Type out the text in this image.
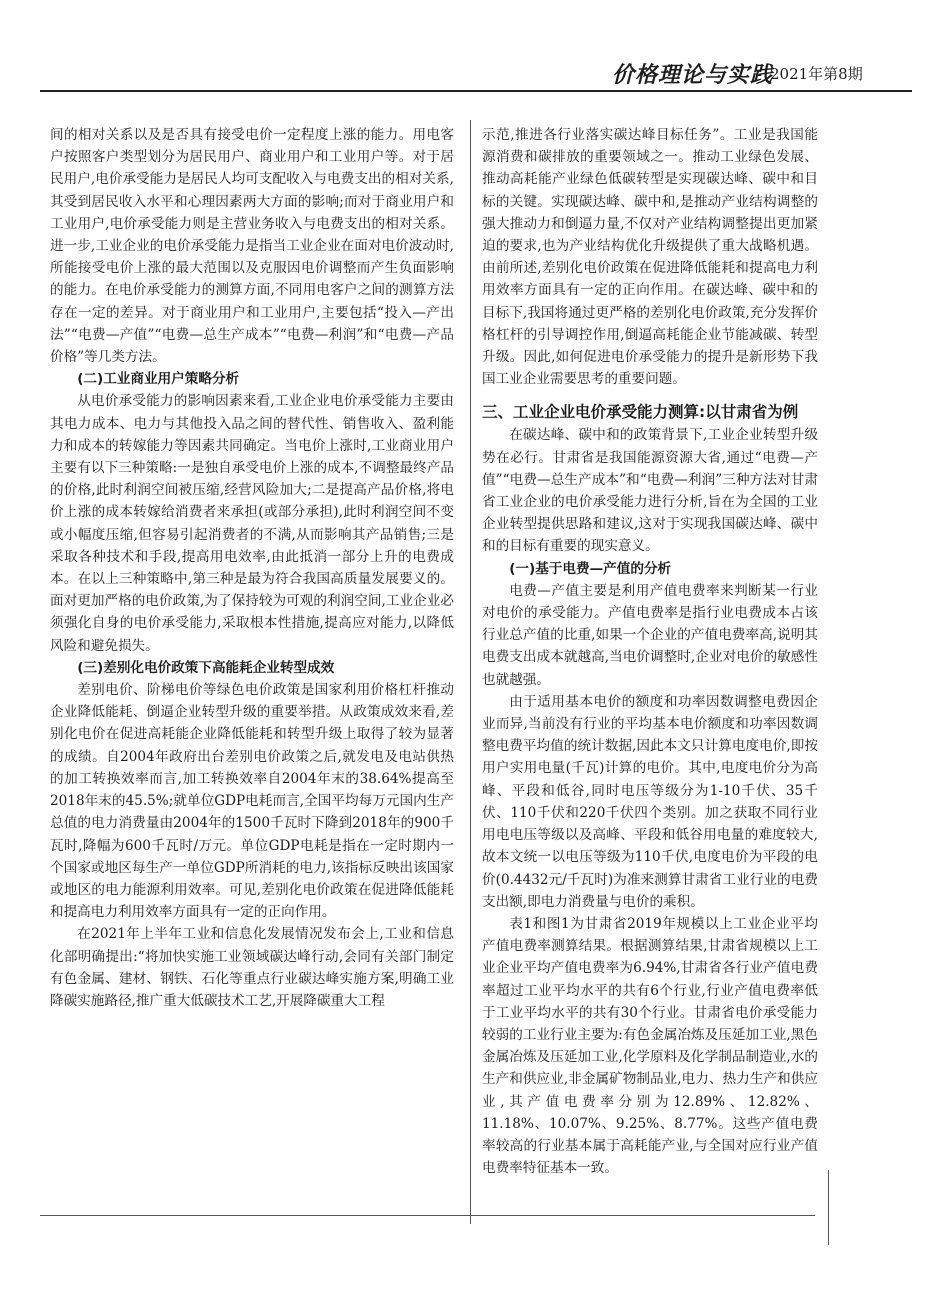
价格理论与实践
2021年第8期

间的相对关系以及是否具有接受电价一定程度上涨的能力。用电客户按照客户类型划分为居民用户、商业用户和工业用户等。对于居民用户,电价承受能力是居民人均可支配收入与电费支出的相对关系,其受到居民收入水平和心理因素两大方面的影响;而对于商业用户和工业用户,电价承受能力则是主营业务收入与电费支出的相对关系。进一步,工业企业的电价承受能力是指当工业企业在面对电价波动时,所能接受电价上涨的最大范围以及克服因电价调整而产生负面影响的能力。在电价承受能力的测算方面,不同用电客户之间的测算方法存在一定的差异。对于商业用户和工业用户,主要包括“投入—产出法”“电费—产值”“电费—总生产成本”“电费—利润”和“电费—产品价格”等几类方法。

(二)工业商业用户策略分析

从电价承受能力的影响因素来看,工业企业电价承受能力主要由其电力成本、电力与其他投入品之间的替代性、销售收入、盈利能力和成本的转嫁能力等因素共同确定。当电价上涨时,工业商业用户主要有以下三种策略:一是独自承受电价上涨的成本,不调整最终产品的价格,此时利润空间被压缩,经营风险加大;二是提高产品价格,将电价上涨的成本转嫁给消费者来承担(或部分承担),此时利润空间不变或小幅度压缩,但容易引起消费者的不满,从而影响其产品销售;三是采取各种技术和手段,提高用电效率,由此抵消一部分上升的电费成本。在以上三种策略中,第三种是最为符合我国高质量发展要义的。面对更加严格的电价政策,为了保持较为可观的利润空间,工业企业必须强化自身的电价承受能力,采取根本性措施,提高应对能力,以降低风险和避免损失。

(三)差别化电价政策下高能耗企业转型成效

差别电价、阶梯电价等绿色电价政策是国家利用价格杠杆推动企业降低能耗、倒逼企业转型升级的重要举措。从政策成效来看,差别化电价在促进高耗能企业降低能耗和转型升级上取得了较为显著的成绩。自2004年政府出台差别电价政策之后,就发电及电站供热的加工转换效率而言,加工转换效率自2004年末的38.64%提高至2018年末的45.5%;就单位GDP电耗而言,全国平均每万元国内生产总值的电力消费量由2004年的1500千瓦时下降到2018年的900千瓦时,降幅为600千瓦时/万元。单位GDP电耗是指在一定时期内一个国家或地区每生产一单位GDP所消耗的电力,该指标反映出该国家或地区的电力能源利用效率。可见,差别化电价政策在促进降低能耗和提高电力利用效率方面具有一定的正向作用。

在2021年上半年工业和信息化发展情况发布会上,工业和信息化部明确提出:“将加快实施工业领域碳达峰行动,会同有关部门制定有色金属、建材、钢铁、石化等重点行业碳达峰实施方案,明确工业降碳实施路径,推广重大低碳技术工艺,开展降碳重大工程

示范,推进各行业落实碳达峰目标任务”。工业是我国能源消费和碳排放的重要领域之一。推动工业绿色发展、推动高耗能产业绿色低碳转型是实现碳达峰、碳中和目标的关键。实现碳达峰、碳中和,是推动产业结构调整的强大推动力和倒逼力量,不仅对产业结构调整提出更加紧迫的要求,也为产业结构优化升级提供了重大战略机遇。由前所述,差别化电价政策在促进降低能耗和提高电力利用效率方面具有一定的正向作用。在碳达峰、碳中和的目标下,我国将通过更严格的差别化电价政策,充分发挥价格杠杆的引导调控作用,倒逼高耗能企业节能减碳、转型升级。因此,如何促进电价承受能力的提升是新形势下我国工业企业需要思考的重要问题。

三、工业企业电价承受能力测算:以甘肃省为例

在碳达峰、碳中和的政策背景下,工业企业转型升级势在必行。甘肃省是我国能源资源大省,通过“电费—产值”“电费—总生产成本”和“电费—利润”三种方法对甘肃省工业企业的电价承受能力进行分析,旨在为全国的工业企业转型提供思路和建议,这对于实现我国碳达峰、碳中和的目标有重要的现实意义。

(一)基于电费—产值的分析

电费—产值主要是利用产值电费率来判断某一行业对电价的承受能力。产值电费率是指行业电费成本占该行业总产值的比重,如果一个企业的产值电费率高,说明其电费支出成本就越高,当电价调整时,企业对电价的敏感性也就越强。

由于适用基本电价的额度和功率因数调整电费因企业而异,当前没有行业的平均基本电价额度和功率因数调整电费平均值的统计数据,因此本文只计算电度电价,即按用户实用电量(千瓦)计算的电价。其中,电度电价分为高峰、平段和低谷,同时电压等级分为1-10千伏、35千伏、110千伏和220千伏四个类别。加之获取不同行业用电电压等级以及高峰、平段和低谷用电量的难度较大,故本文统一以电压等级为110千伏,电度电价为平段的电价(0.4432元/千瓦时)为准来测算甘肃省工业行业的电费支出额,即电力消费量与电价的乘积。

表1和图1为甘肃省2019年规模以上工业企业平均产值电费率测算结果。根据测算结果,甘肃省规模以上工业企业平均产值电费率为6.94%,甘肃省各行业产值电费率超过工业平均水平的共有6个行业,行业产值电费率低于工业平均水平的共有30个行业。甘肃省电价承受能力较弱的工业行业主要为:有色金属冶炼及压延加工业,黑色金属冶炼及压延加工业,化学原料及化学制品制造业,水的生产和供应业,非金属矿物制品业,电力、热力生产和供应业,其产值电费率分别为12.89%、12.82%、11.18%、10.07%、9.25%、8.77%。这些产值电费率较高的行业基本属于高耗能产业,与全国对应行业产值电费率特征基本一致。
